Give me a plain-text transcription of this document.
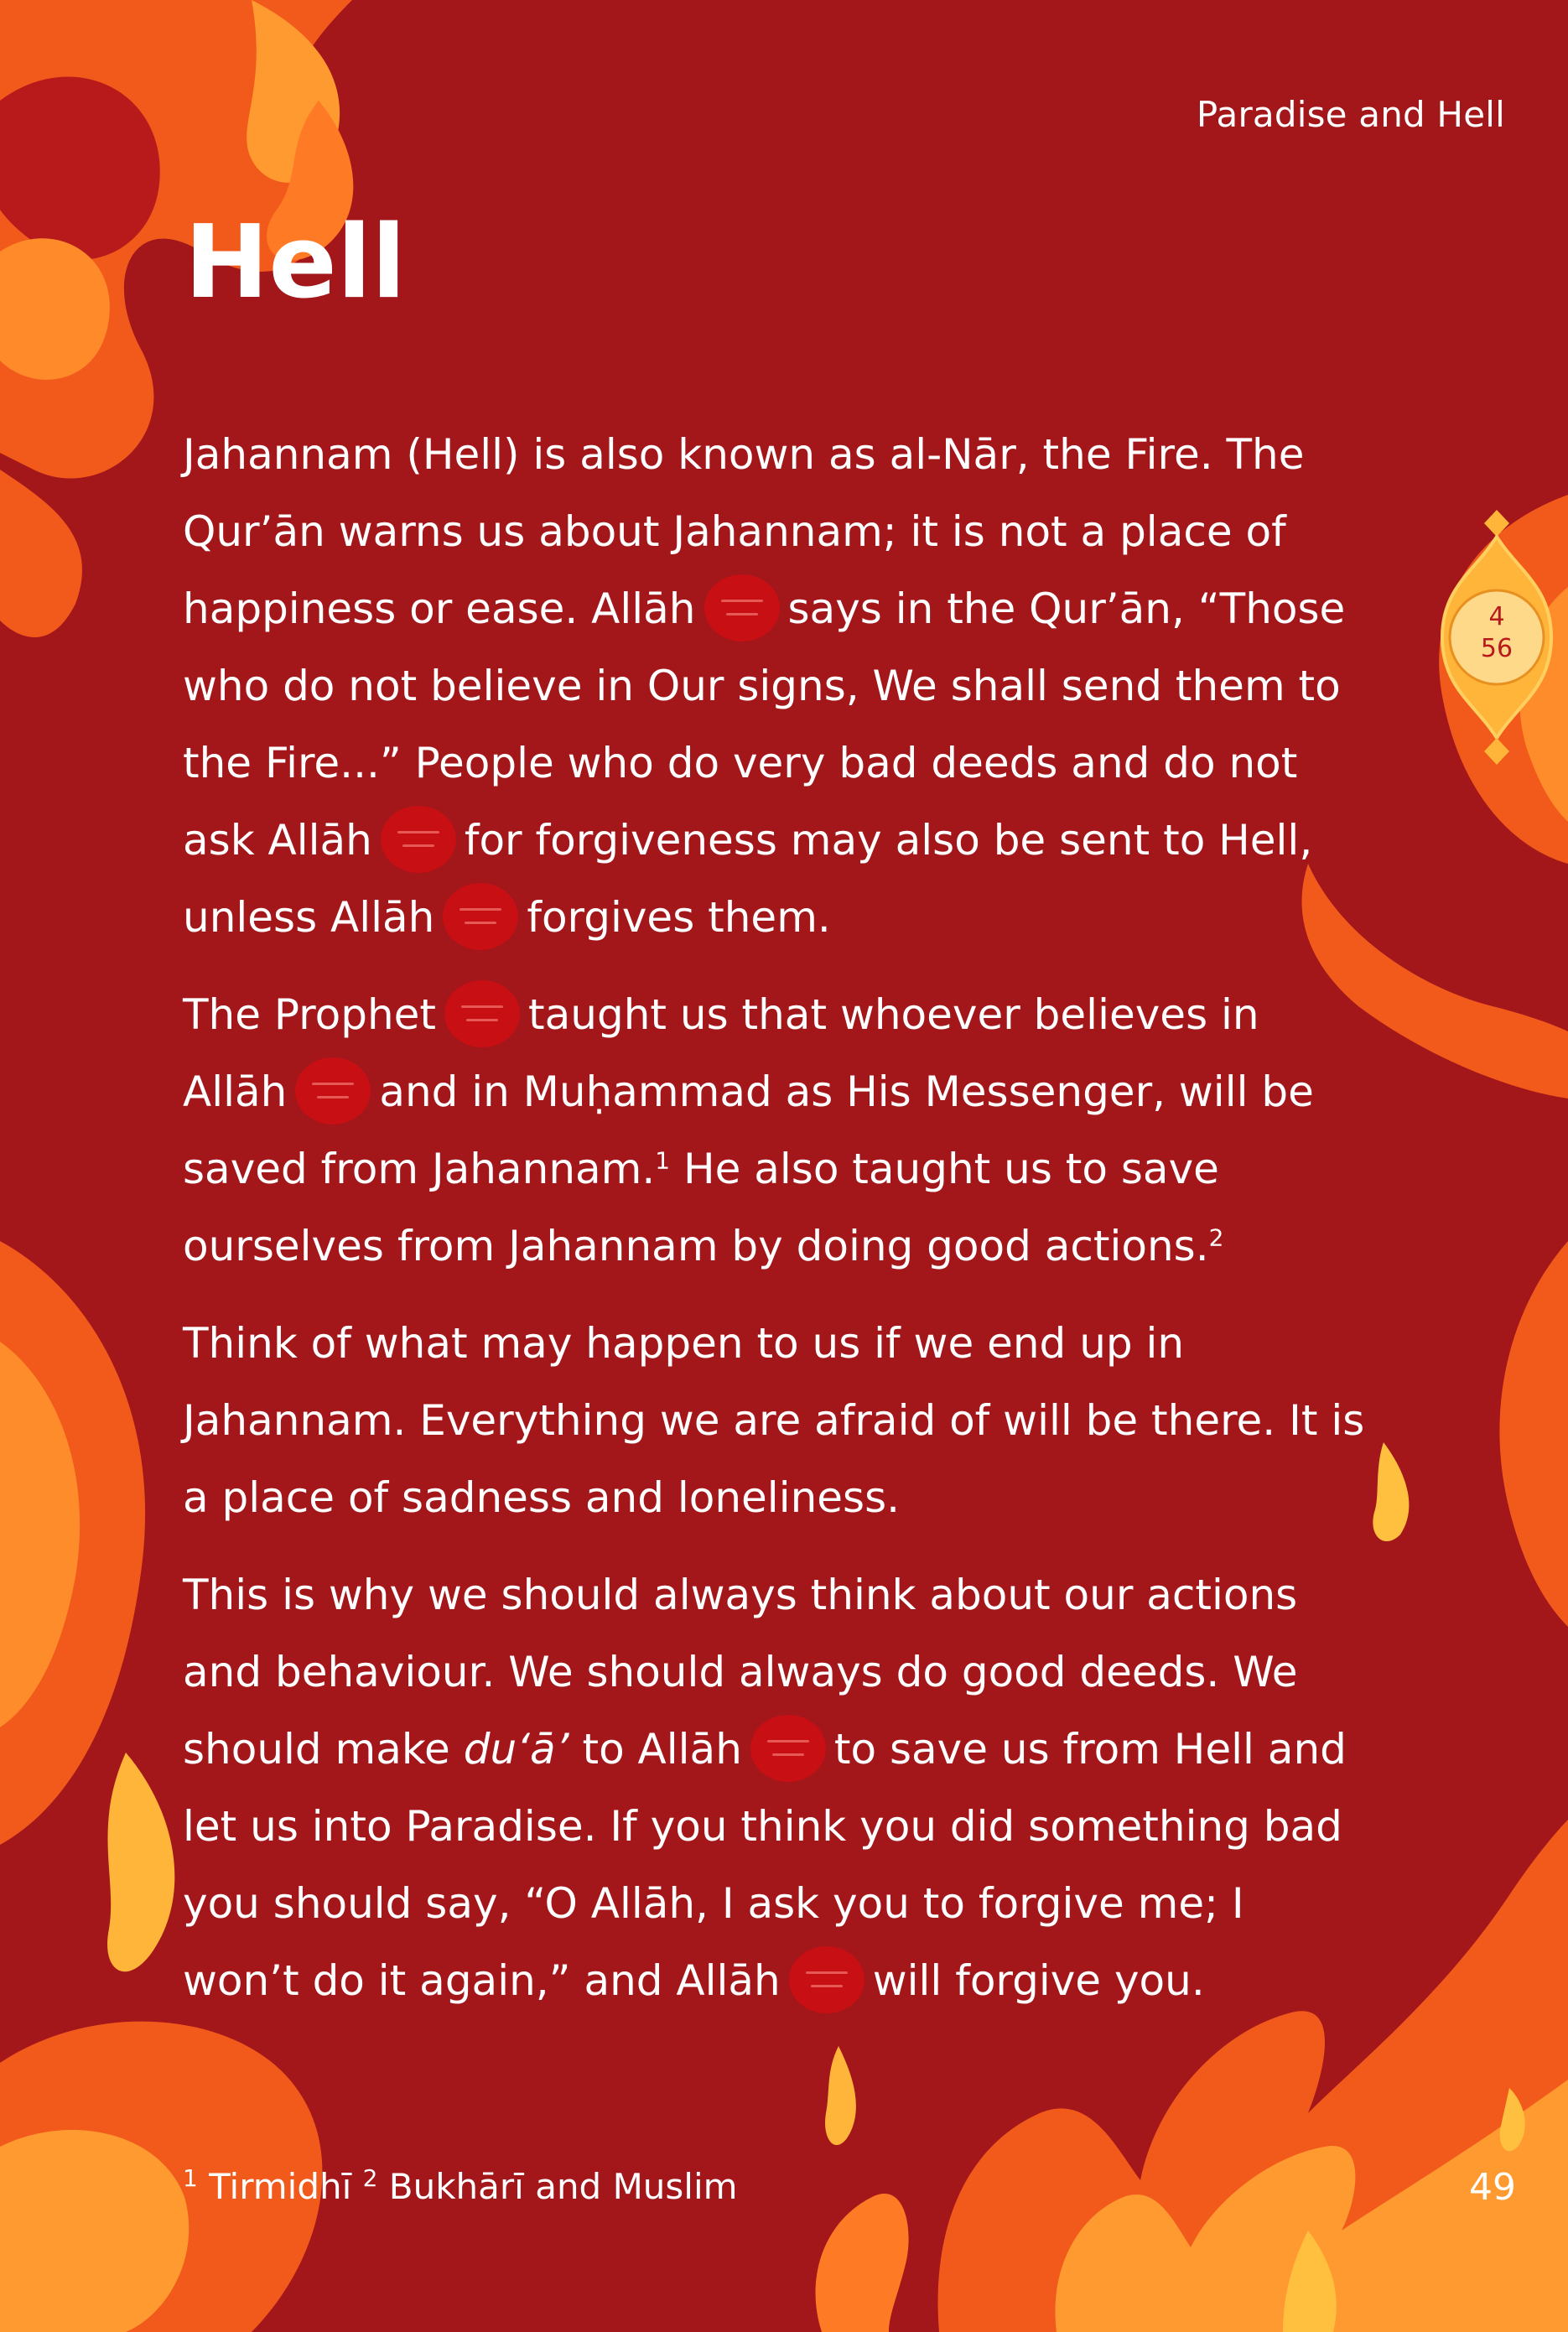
4
56
Paradise and Hell
Hell

Jahannam (Hell) is also known as al-Nār, the Fire. The Qur’ān warns us about Jahannam; it is not a place of happiness or ease. Allāh says in the Qur’ān, “Those who do not believe in Our signs, We shall send them to the Fire...” People who do very bad deeds and do not ask Allāh for forgiveness may also be sent to Hell, unless Allāh forgives them.

The Prophet taught us that whoever believes in Allāh and in Muḥammad as His Messenger, will be saved from Jahannam.$^1$ He also taught us to save ourselves from Jahannam by doing good actions.$^2$

Think of what may happen to us if we end up in Jahannam. Everything we are afraid of will be there. It is a place of sadness and loneliness.

This is why we should always think about our actions and behaviour. We should always do good deeds. We should make du‘ā’ to Allāh to save us from Hell and let us into Paradise. If you think you did something bad you should say, “O Allāh, I ask you to forgive me; I won’t do it again,” and Allāh will forgive you.

$^1$ Tirmidhī $^2$ Bukhārī and Muslim	49
